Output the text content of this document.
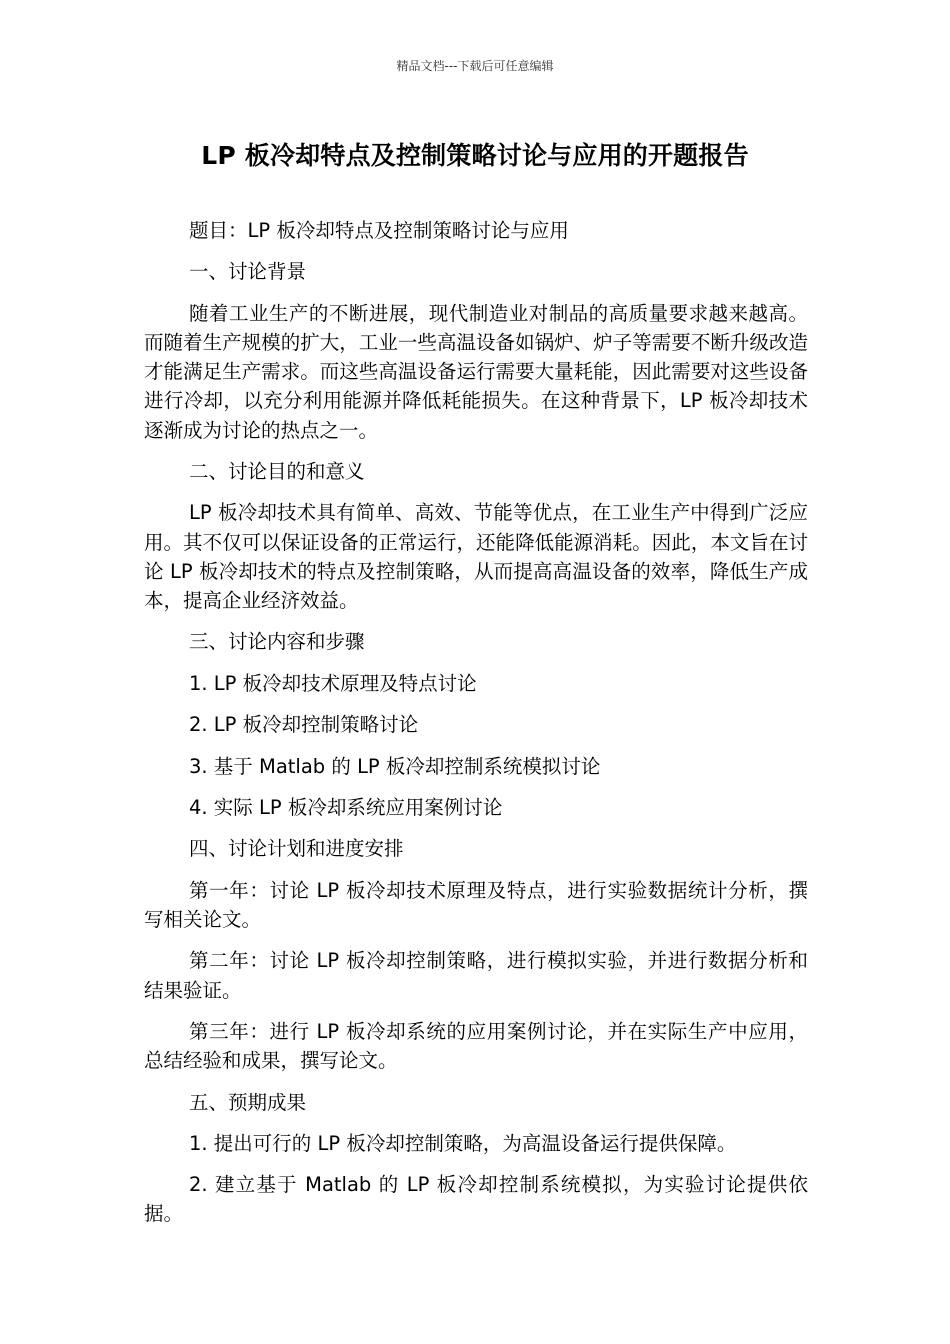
精品文档---下载后可任意编辑
LP 板冷却特点及控制策略讨论与应用的开题报告

题目：LP 板冷却特点及控制策略讨论与应用

一、讨论背景

随着工业生产的不断进展，现代制造业对制品的高质量要求越来越高。而随着生产规模的扩大，工业一些高温设备如锅炉、炉子等需要不断升级改造才能满足生产需求。而这些高温设备运行需要大量耗能，因此需要对这些设备进行冷却，以充分利用能源并降低耗能损失。在这种背景下，LP 板冷却技术逐渐成为讨论的热点之一。

二、讨论目的和意义

LP 板冷却技术具有简单、高效、节能等优点，在工业生产中得到广泛应用。其不仅可以保证设备的正常运行，还能降低能源消耗。因此，本文旨在讨论 LP 板冷却技术的特点及控制策略，从而提高高温设备的效率，降低生产成本，提高企业经济效益。

三、讨论内容和步骤

1. LP 板冷却技术原理及特点讨论

2. LP 板冷却控制策略讨论

3. 基于 Matlab 的 LP 板冷却控制系统模拟讨论

4. 实际 LP 板冷却系统应用案例讨论

四、讨论计划和进度安排

第一年：讨论 LP 板冷却技术原理及特点，进行实验数据统计分析，撰写相关论文。

第二年：讨论 LP 板冷却控制策略，进行模拟实验，并进行数据分析和结果验证。

第三年：进行 LP 板冷却系统的应用案例讨论，并在实际生产中应用，总结经验和成果，撰写论文。

五、预期成果

1. 提出可行的 LP 板冷却控制策略，为高温设备运行提供保障。

2. 建立基于 Matlab 的 LP 板冷却控制系统模拟，为实验讨论提供依据。
